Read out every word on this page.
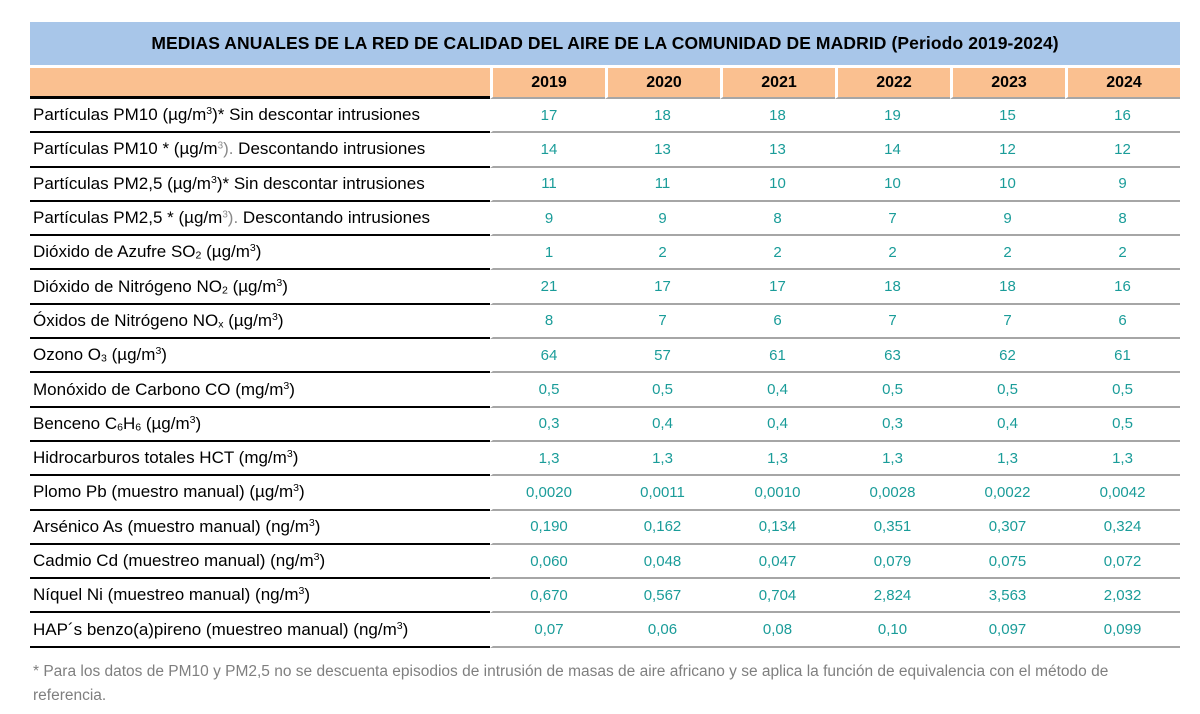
MEDIAS ANUALES DE LA RED DE CALIDAD DEL AIRE DE LA COMUNIDAD DE MADRID (Periodo 2019-2024)						
	2019	2020	2021	2022	2023	2024
Partículas PM10 $(\mu g/m^3)*$ Sin descontar intrusiones	17	18	18	19	15	16
Partículas $PM10 * (\mu g/m^3)$. Descontando intrusiones	14	13	13	14	12	12
Partículas PM2,5 $(\mu g/m^3)*$ Sin descontar intrusiones	11	11	10	10	10	9
Partículas $PM2,5 * (\mu g/m^3)$. Descontando intrusiones	9	9	8	7	9	8
Dióxido de Azufre SO2 $(\mu g/m^3)$	1	2	2	2	2	2
Dióxido de Nitrógeno NO2 $(\mu g/m^3)$	21	17	17	18	18	16
Óxidos de Nitrógeno NOx $(\mu g/m^3)$	8	7	6	7	7	6
Ozono O3 $(\mu g/m^3)$	64	57	61	63	62	61
Monóxido de Carbono CO $(mg/m^3)$	0,5	0,5	0,4	0,5	0,5	0,5
Benceno C6H6 $(\mu g/m^3)$	0,3	0,4	0,4	0,3	0,4	0,5
Hidrocarburos totales HCT $(mg/m^3)$	1,3	1,3	1,3	1,3	1,3	1,3
Plomo Pb (muestro manual) $(\mu g/m^3)$	0,0020	0,0011	0,0010	0,0028	0,0022	0,0042
Arsénico As (muestro manual) $(ng/m^3)$	0,190	0,162	0,134	0,351	0,307	0,324
Cadmio Cd (muestreo manual) $(ng/m^3)$	0,060	0,048	0,047	0,079	0,075	0,072
Níquel Ni (muestreo manual) $(ng/m^3)$	0,670	0,567	0,704	2,824	3,563	2,032
HAP´s benzo(a)pireno (muestreo manual) $(ng/m^3)$	0,07	0,06	0,08	0,10	0,097	0,099

* Para los datos de PM10 y PM2,5 no se descuenta episodios de intrusión de masas de aire africano y se aplica la función de equivalencia con el método de referencia.
